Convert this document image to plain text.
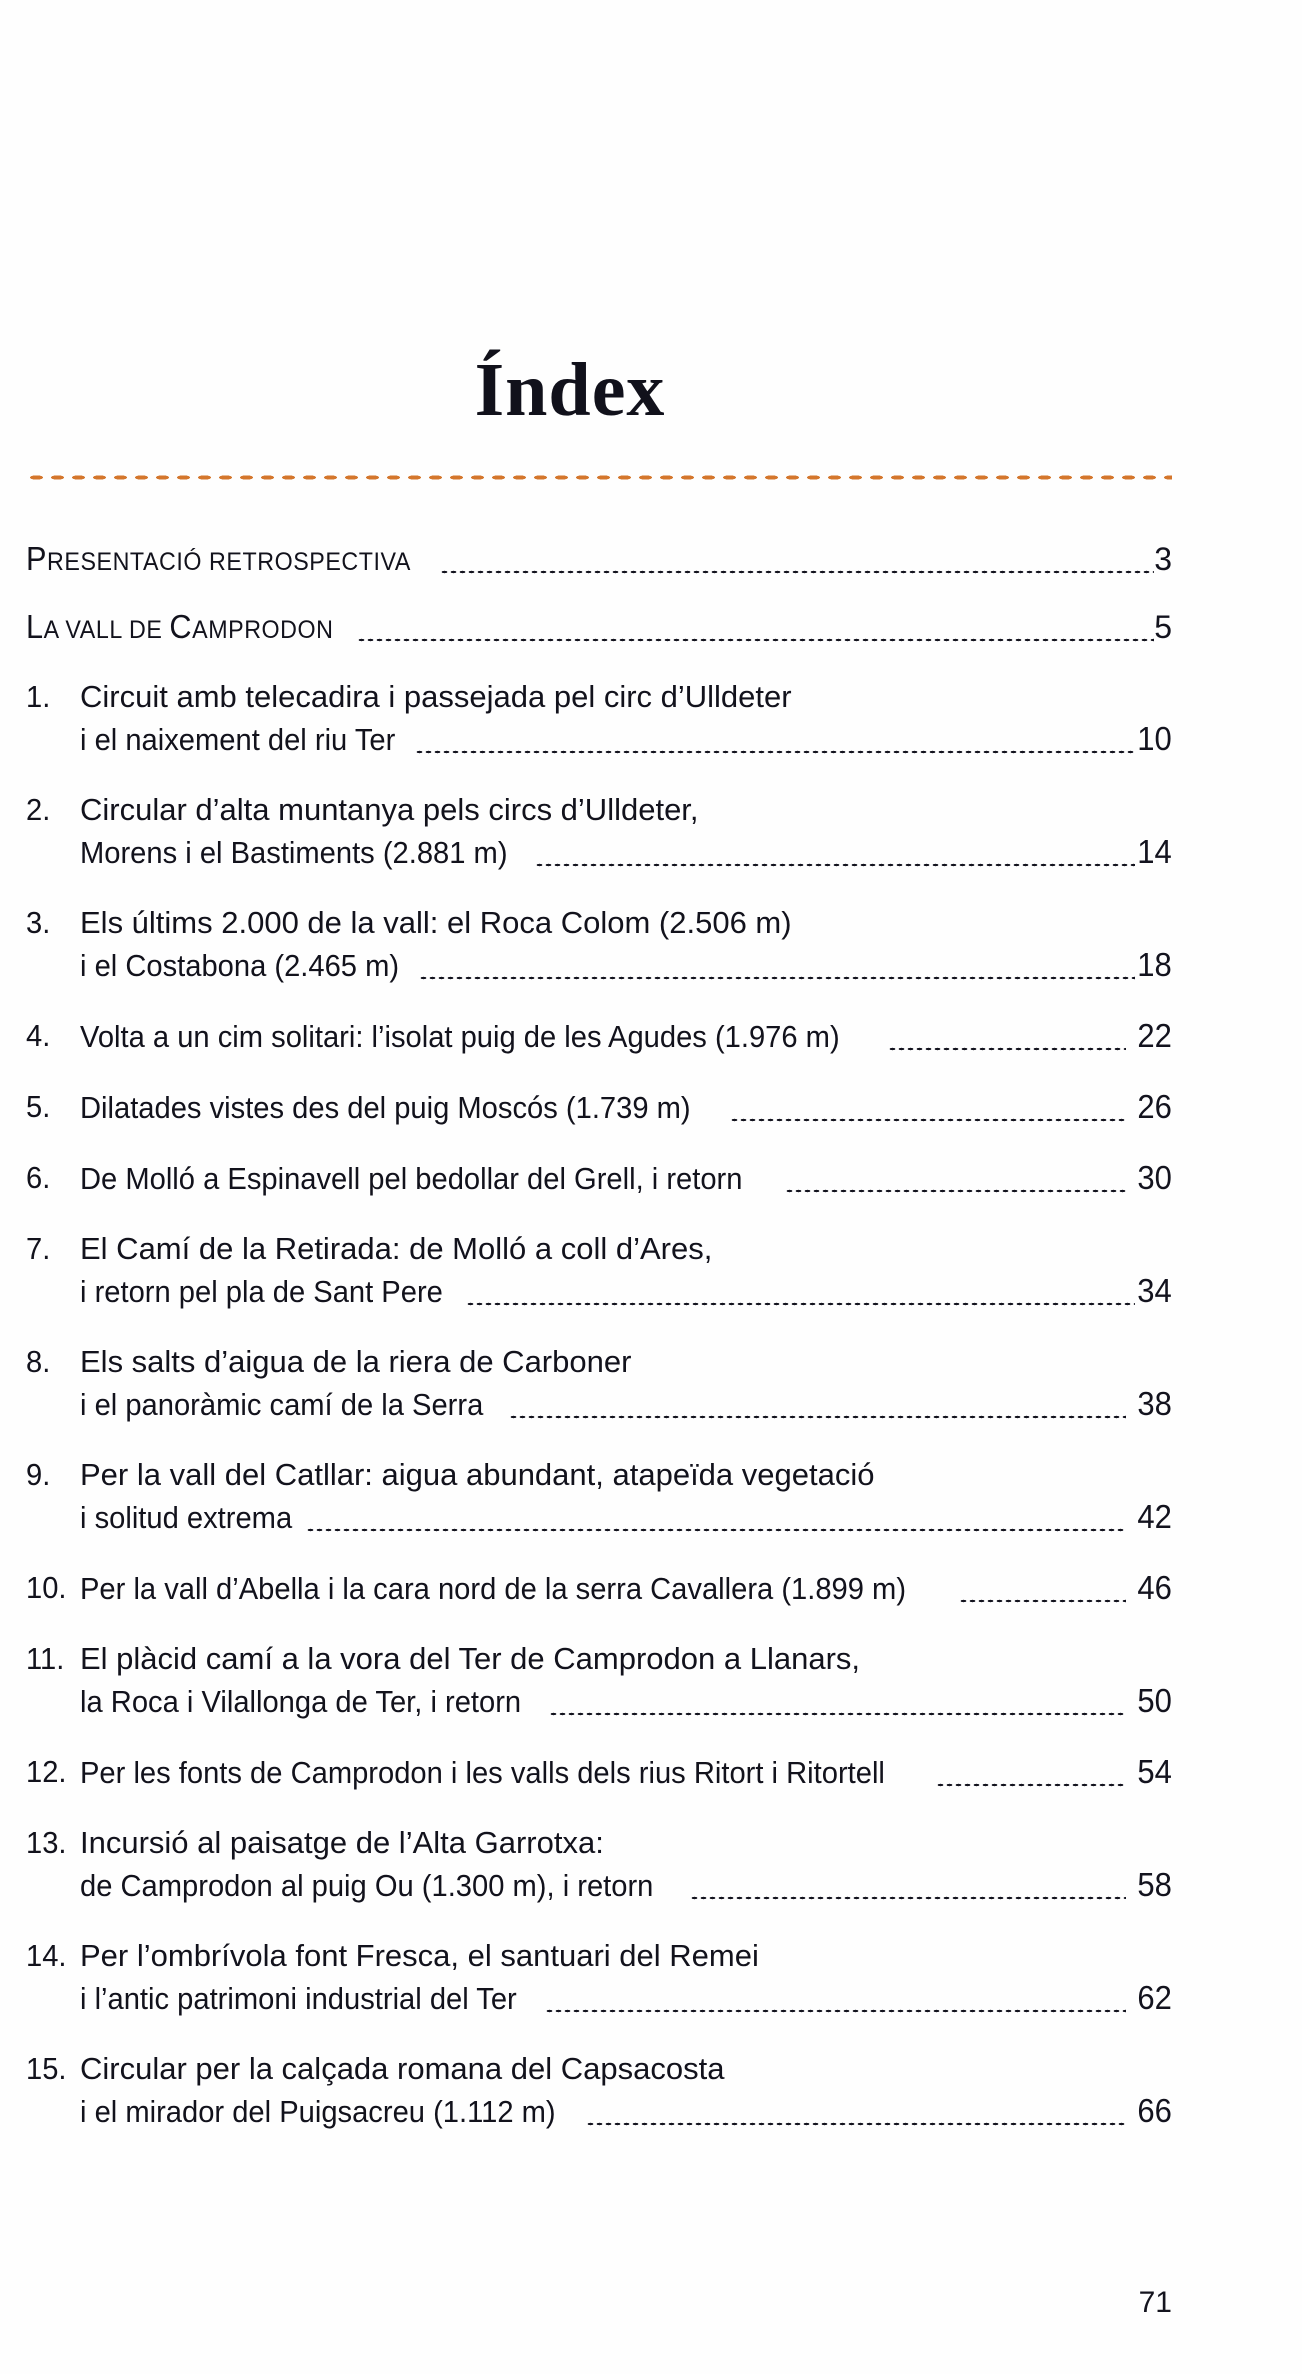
Índex
PRESENTACIÓ RETROSPECTIVA	3
LA VALL DE CAMPRODON	5
1. Circuit amb telecadira i passejada pel circ d’Ulldeter
i el naixement del riu Ter	10
2. Circular d’alta muntanya pels circs d’Ulldeter,
Morens i el Bastiments (2.881 m)	14
3. Els últims 2.000 de la vall: el Roca Colom (2.506 m)
i el Costabona (2.465 m)	18
4. Volta a un cim solitari: l’isolat puig de les Agudes (1.976 m)	22
5. Dilatades vistes des del puig Moscós (1.739 m)	26
6. De Molló a Espinavell pel bedollar del Grell, i retorn	30
7. El Camí de la Retirada: de Molló a coll d’Ares,
i retorn pel pla de Sant Pere	34
8. Els salts d’aigua de la riera de Carboner
i el panoràmic camí de la Serra	38
9. Per la vall del Catllar: aigua abundant, atapeïda vegetació
i solitud extrema	42
10. Per la vall d’Abella i la cara nord de la serra Cavallera (1.899 m)	46
11. El plàcid camí a la vora del Ter de Camprodon a Llanars,
la Roca i Vilallonga de Ter, i retorn	50
12. Per les fonts de Camprodon i les valls dels rius Ritort i Ritortell	54
13. Incursió al paisatge de l’Alta Garrotxa:
de Camprodon al puig Ou (1.300 m), i retorn	58
14. Per l’ombrívola font Fresca, el santuari del Remei
i l’antic patrimoni industrial del Ter	62
15. Circular per la calçada romana del Capsacosta
i el mirador del Puigsacreu (1.112 m)	66
71
